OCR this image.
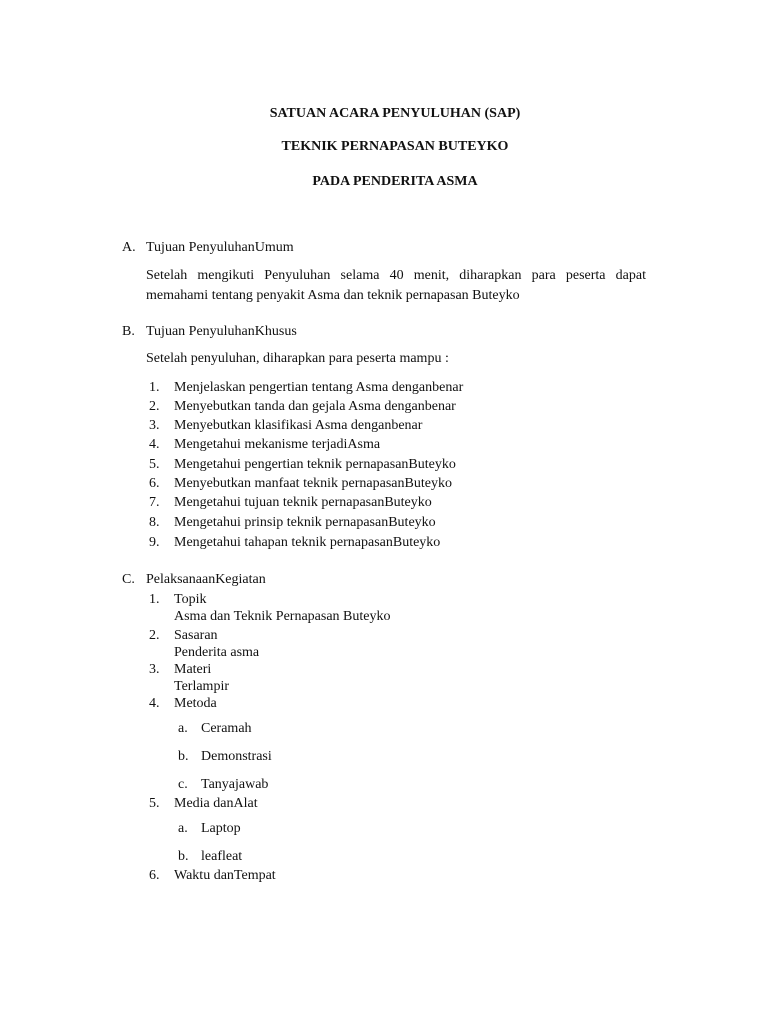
SATUAN ACARA PENYULUHAN (SAP)
TEKNIK PERNAPASAN BUTEYKO
PADA PENDERITA ASMA
A. Tujuan PenyuluhanUmum
Setelah mengikuti Penyuluhan selama 40 menit, diharapkan para peserta dapat memahami tentang penyakit Asma dan teknik pernapasan Buteyko
B. Tujuan PenyuluhanKhusus
Setelah penyuluhan, diharapkan para peserta mampu :
1. Menjelaskan pengertian tentang Asma denganbenar
2. Menyebutkan tanda dan gejala Asma denganbenar
3. Menyebutkan klasifikasi Asma denganbenar
4. Mengetahui mekanisme terjadiAsma
5. Mengetahui pengertian teknik pernapasanButeyko
6. Menyebutkan manfaat teknik pernapasanButeyko
7. Mengetahui tujuan teknik pernapasanButeyko
8. Mengetahui prinsip teknik pernapasanButeyko
9. Mengetahui tahapan teknik pernapasanButeyko
C. PelaksanaanKegiatan
1. Topik
Asma dan Teknik Pernapasan Buteyko
2. Sasaran
Penderita asma
3. Materi
Terlampir
4. Metoda
a. Ceramah
b. Demonstrasi
c. Tanyajawab
5. Media danAlat
a. Laptop
b. leafleat
6. Waktu danTempat
